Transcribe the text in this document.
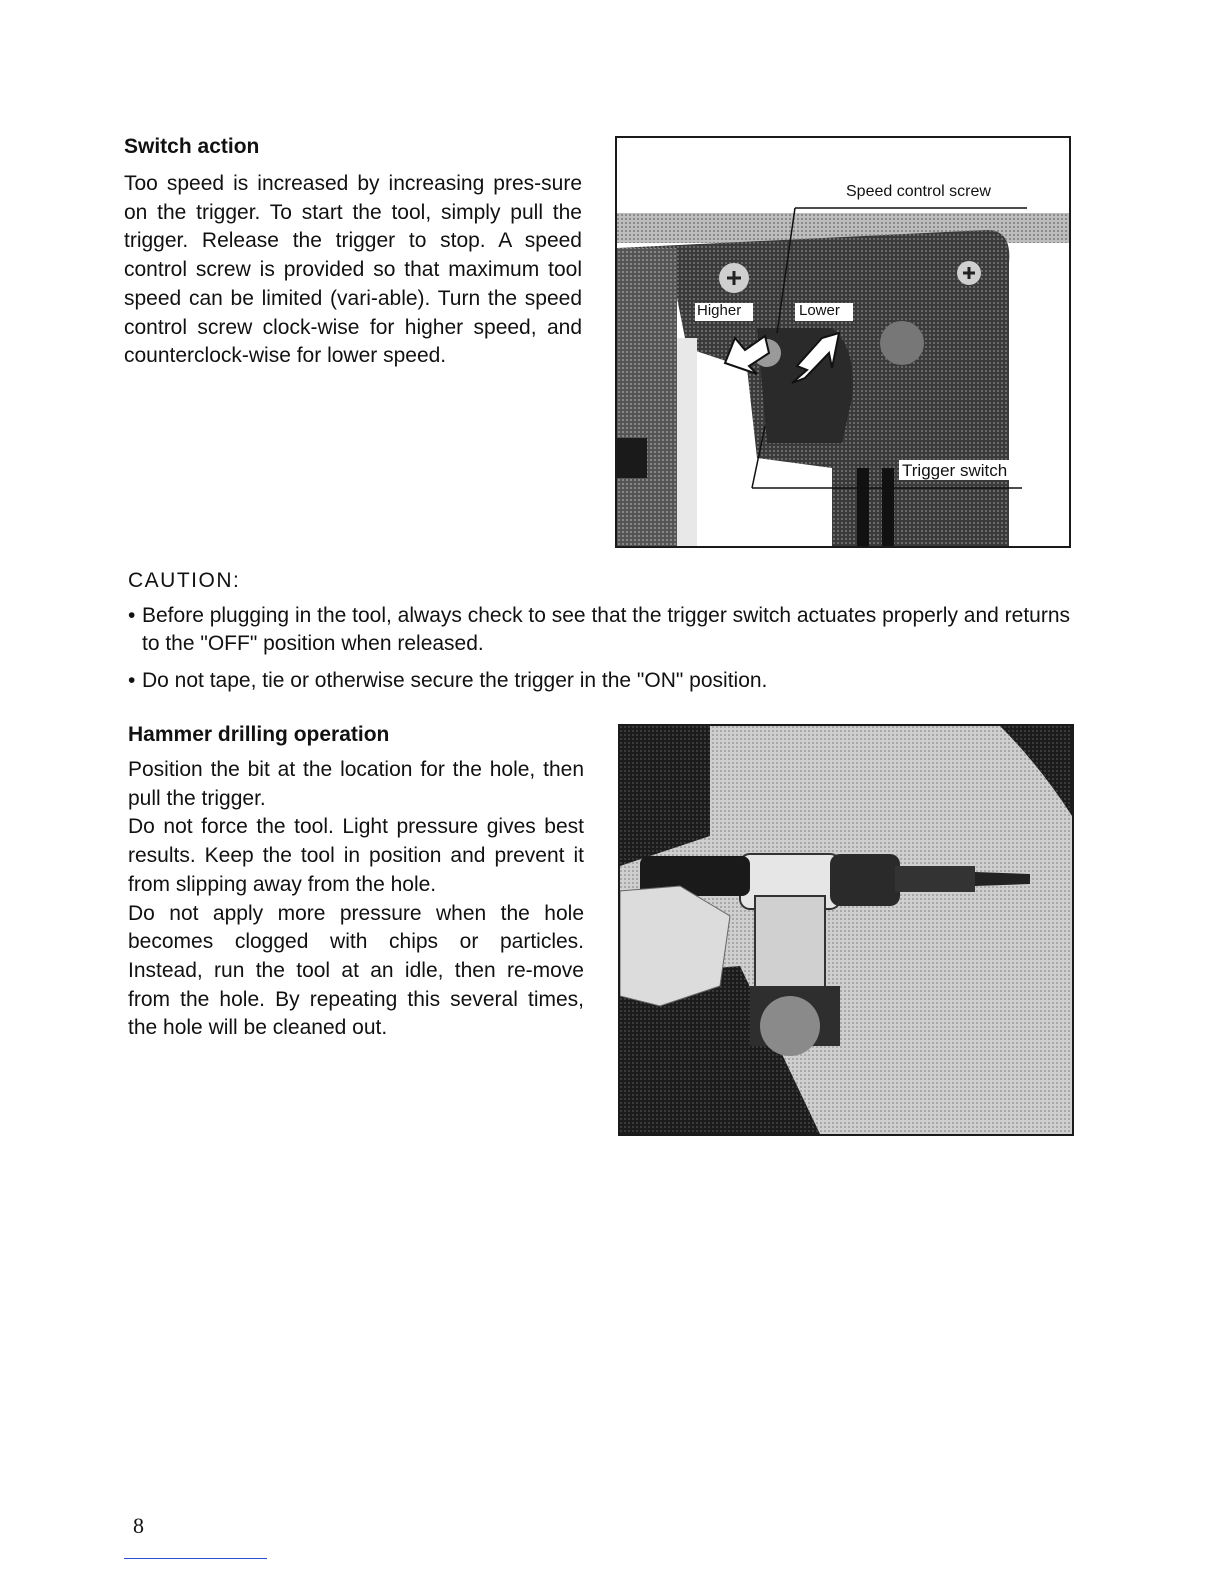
Switch action

Too speed is increased by increasing pres-sure on the trigger. To start the tool, simply pull the trigger. Release the trigger to stop. A speed control screw is provided so that maximum tool speed can be limited (vari-able). Turn the speed control screw clock-wise for higher speed, and counterclock-wise for lower speed.

Speed control screw
Higher	Lower
Trigger switch
CAUTION:
• Before plugging in the tool, always check to see that the trigger switch actuates properly and returns to the "OFF" position when released.
• Do not tape, tie or otherwise secure the trigger in the "ON" position.
Hammer drilling operation

Position the bit at the location for the hole, then pull the trigger.

Do not force the tool. Light pressure gives best results. Keep the tool in position and prevent it from slipping away from the hole.

Do not apply more pressure when the hole becomes clogged with chips or particles. Instead, run the tool at an idle, then re-move from the hole. By repeating this several times, the hole will be cleaned out.

8
